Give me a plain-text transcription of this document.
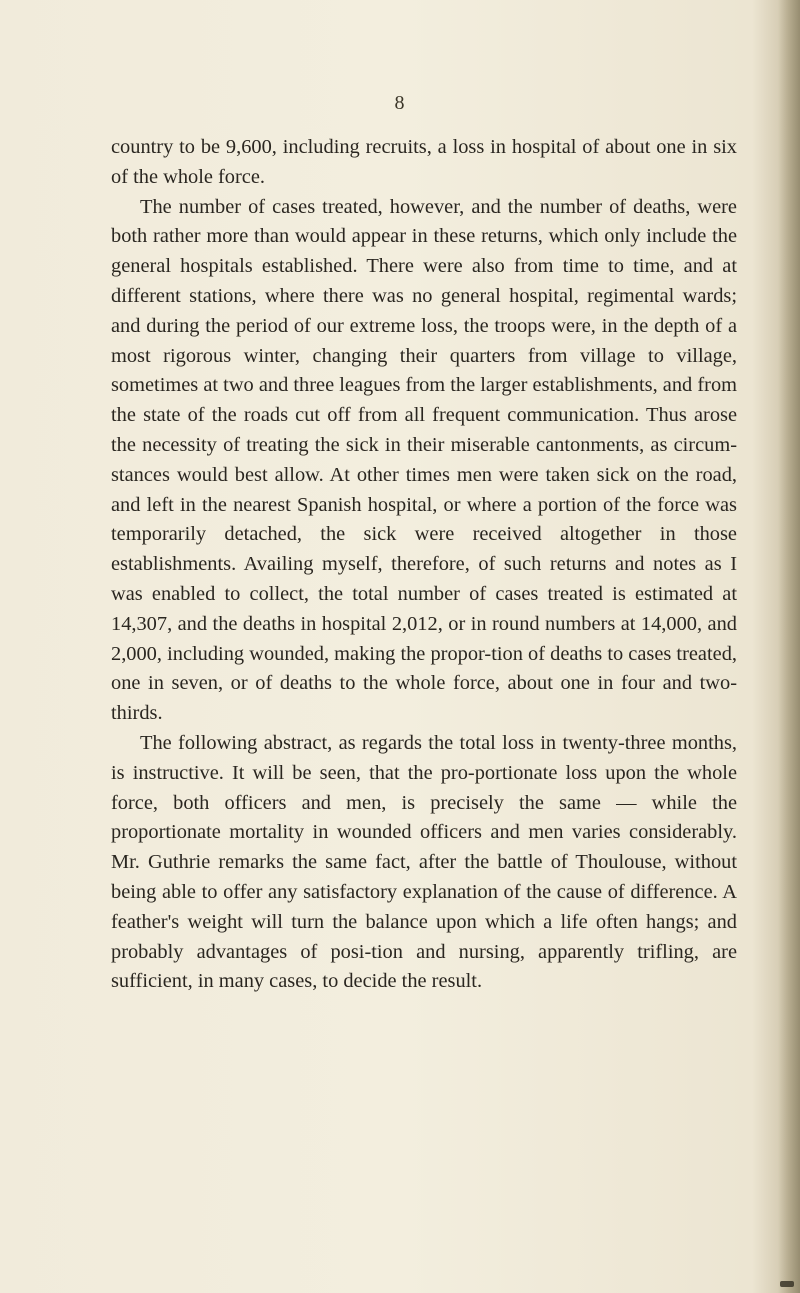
8

country to be 9,600, including recruits, a loss in hospital of about one in six of the whole force.

The number of cases treated, however, and the number of deaths, were both rather more than would appear in these returns, which only include the general hospitals established. There were also from time to time, and at different stations, where there was no general hospital, regimental wards; and during the period of our extreme loss, the troops were, in the depth of a most rigorous winter, changing their quarters from village to village, sometimes at two and three leagues from the larger establishments, and from the state of the roads cut off from all frequent communication. Thus arose the necessity of treating the sick in their miserable cantonments, as circum-stances would best allow. At other times men were taken sick on the road, and left in the nearest Spanish hospital, or where a portion of the force was temporarily detached, the sick were received altogether in those establishments. Availing myself, therefore, of such returns and notes as I was enabled to collect, the total number of cases treated is estimated at 14,307, and the deaths in hospital 2,012, or in round numbers at 14,000, and 2,000, including wounded, making the propor-tion of deaths to cases treated, one in seven, or of deaths to the whole force, about one in four and two-thirds.

The following abstract, as regards the total loss in twenty-three months, is instructive. It will be seen, that the pro-portionate loss upon the whole force, both officers and men, is precisely the same — while the proportionate mortality in wounded officers and men varies considerably. Mr. Guthrie remarks the same fact, after the battle of Thoulouse, without being able to offer any satisfactory explanation of the cause of difference. A feather's weight will turn the balance upon which a life often hangs; and probably advantages of posi-tion and nursing, apparently trifling, are sufficient, in many cases, to decide the result.
